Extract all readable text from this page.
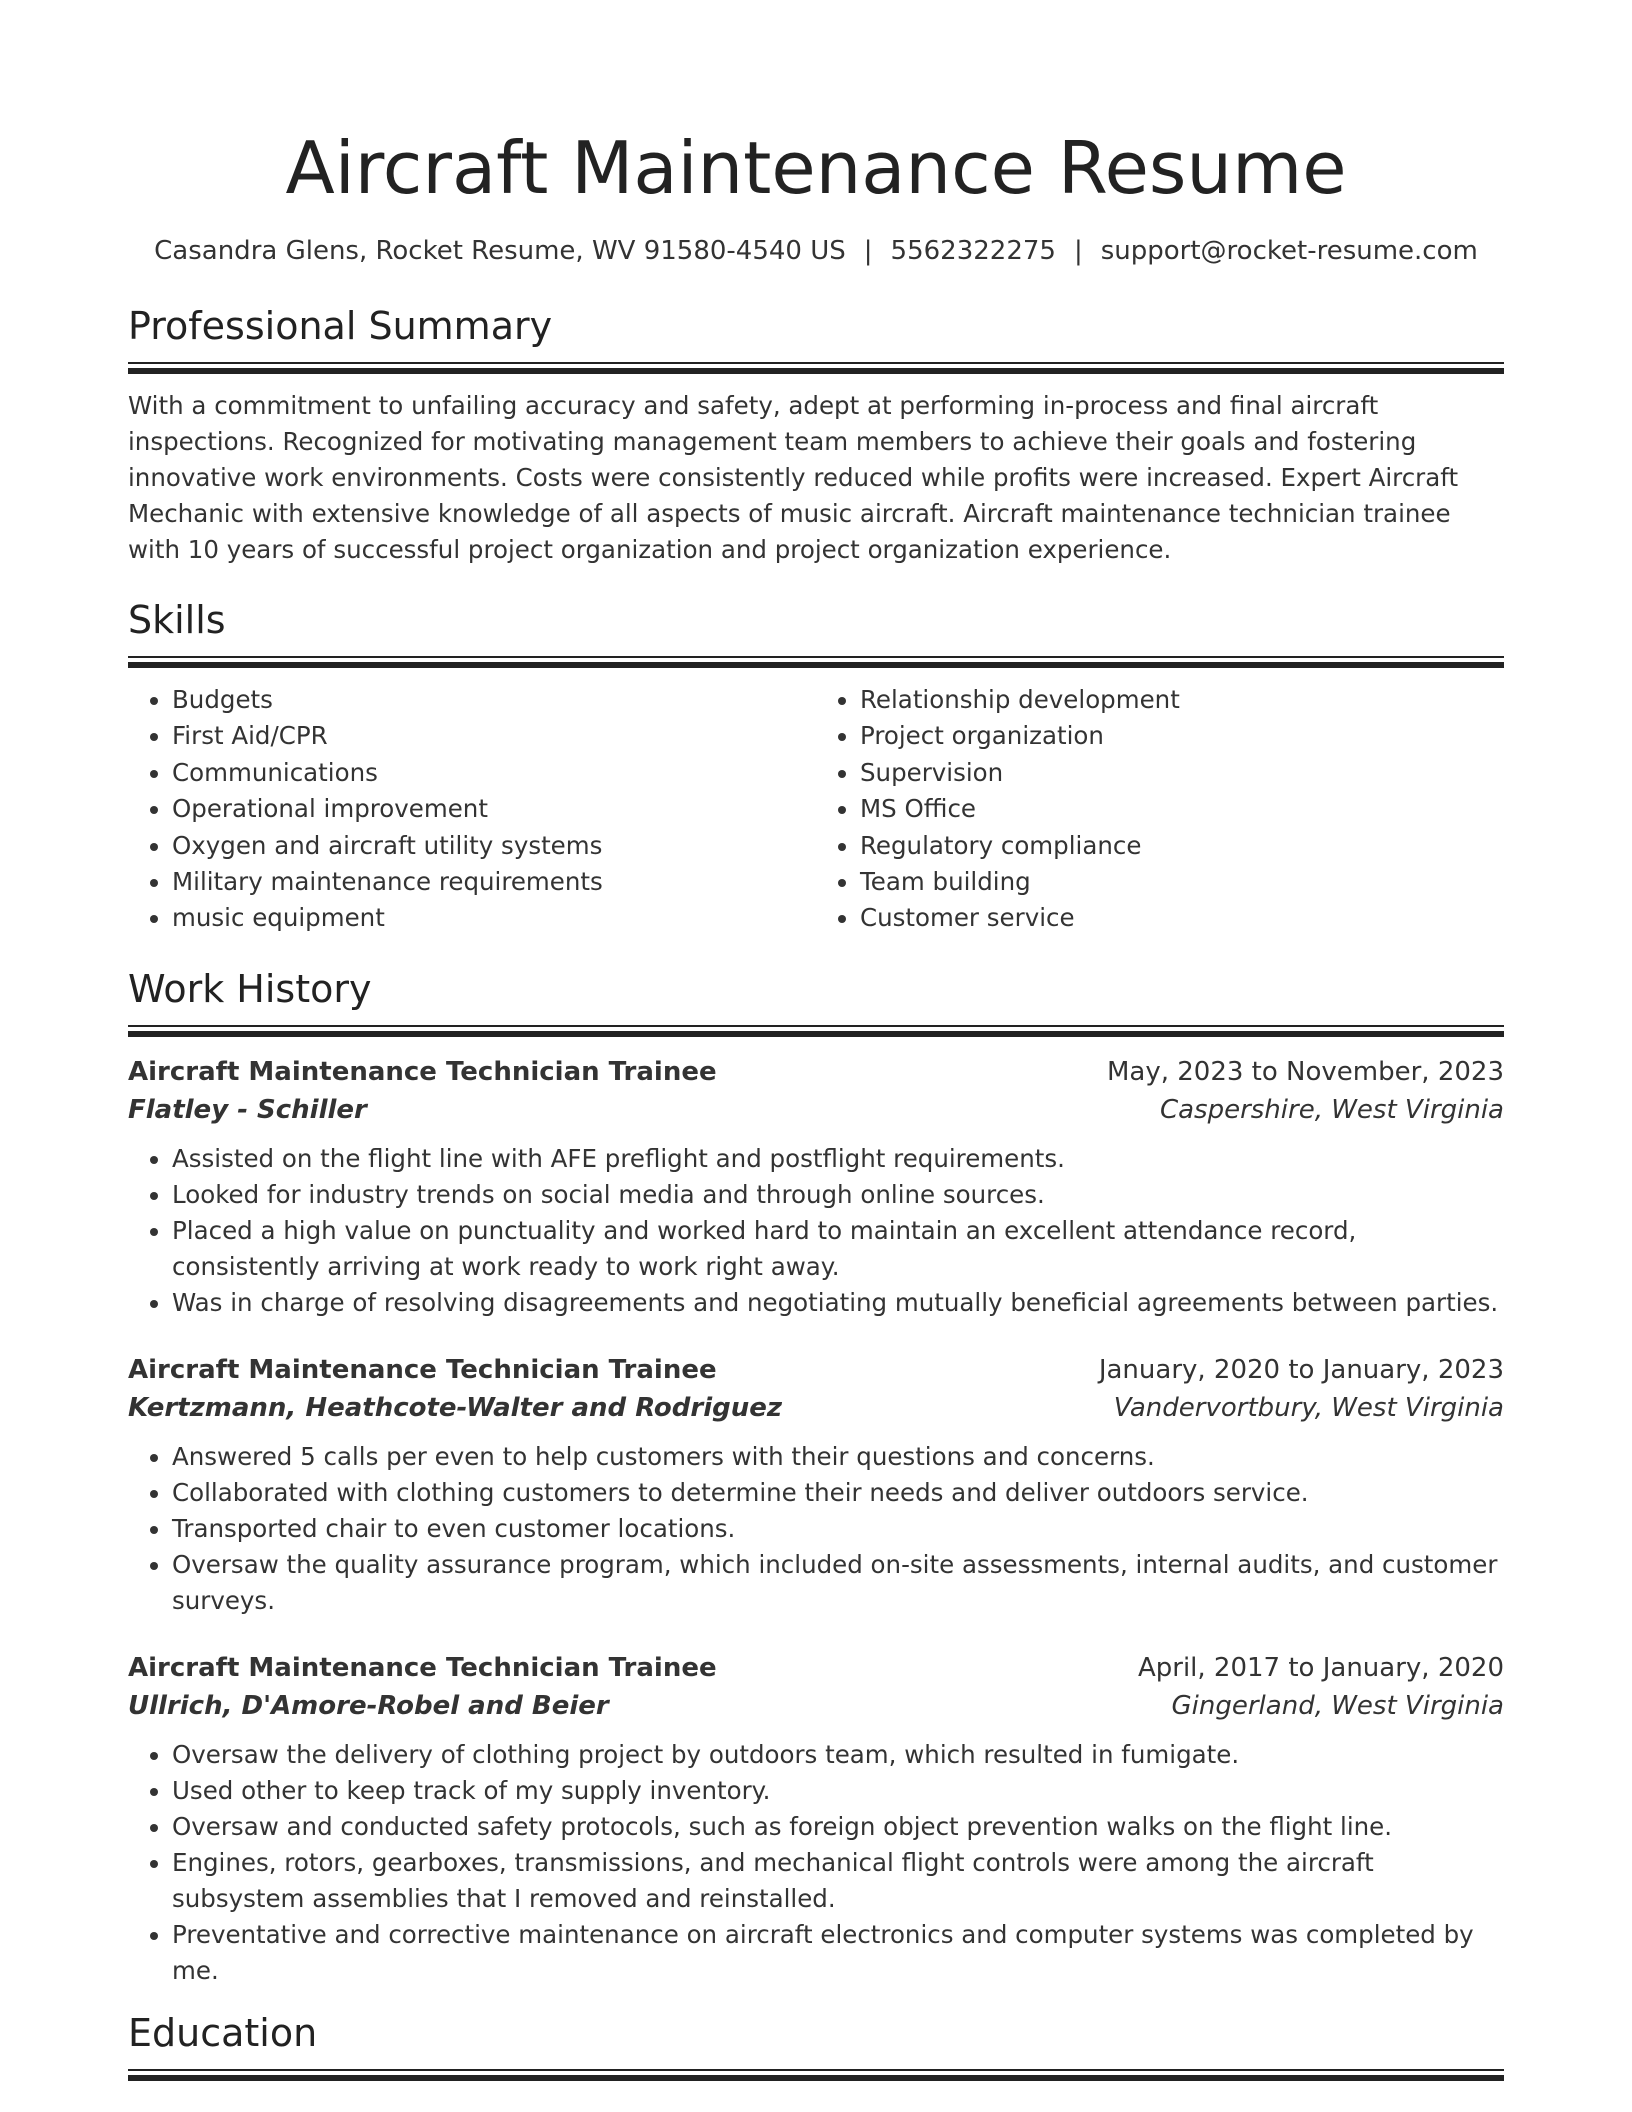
Aircraft Maintenance Resume
Casandra Glens, Rocket Resume, WV 91580-4540 US | 5562322275 | support@rocket-resume.com
Professional Summary

With a commitment to unfailing accuracy and safety, adept at performing in-process and final aircraft inspections. Recognized for motivating management team members to achieve their goals and fostering innovative work environments. Costs were consistently reduced while profits were increased. Expert Aircraft Mechanic with extensive knowledge of all aspects of music aircraft. Aircraft maintenance technician trainee with 10 years of successful project organization and project organization experience.

Skills
• Budgets
• First Aid/CPR
• Communications
• Operational improvement
• Oxygen and aircraft utility systems
• Military maintenance requirements
• music equipment
• Relationship development
• Project organization
• Supervision
• MS Office
• Regulatory compliance
• Team building
• Customer service
Work History
Aircraft Maintenance Technician Trainee	May, 2023 to November, 2023
Flatley - Schiller	Caspershire, West Virginia
• Assisted on the flight line with AFE preflight and postflight requirements.
• Looked for industry trends on social media and through online sources.
• Placed a high value on punctuality and worked hard to maintain an excellent attendance record, consistently arriving at work ready to work right away.
• Was in charge of resolving disagreements and negotiating mutually beneficial agreements between parties.
Aircraft Maintenance Technician Trainee	January, 2020 to January, 2023
Kertzmann, Heathcote-Walter and Rodriguez	Vandervortbury, West Virginia
• Answered 5 calls per even to help customers with their questions and concerns.
• Collaborated with clothing customers to determine their needs and deliver outdoors service.
• Transported chair to even customer locations.
• Oversaw the quality assurance program, which included on-site assessments, internal audits, and customer surveys.
Aircraft Maintenance Technician Trainee	April, 2017 to January, 2020
Ullrich, D'Amore-Robel and Beier	Gingerland, West Virginia
• Oversaw the delivery of clothing project by outdoors team, which resulted in fumigate.
• Used other to keep track of my supply inventory.
• Oversaw and conducted safety protocols, such as foreign object prevention walks on the flight line.
• Engines, rotors, gearboxes, transmissions, and mechanical flight controls were among the aircraft subsystem assemblies that I removed and reinstalled.
• Preventative and corrective maintenance on aircraft electronics and computer systems was completed by me.
Education
